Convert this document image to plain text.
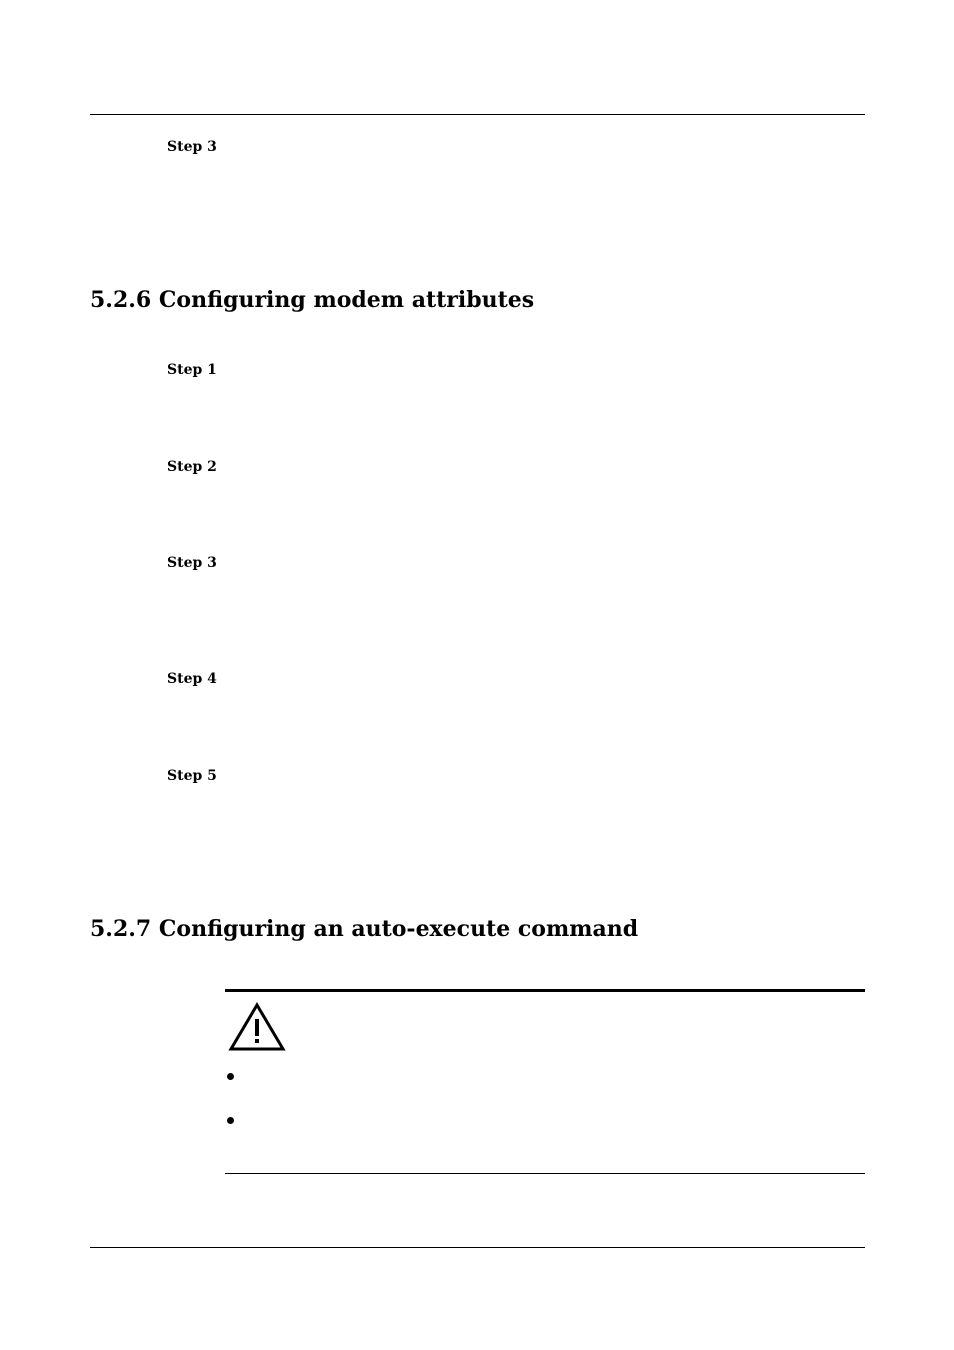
Step 3
5.2.6 Configuring modem attributes
Step 1
Step 2
Step 3
Step 4
Step 5
5.2.7 Configuring an auto-execute command
